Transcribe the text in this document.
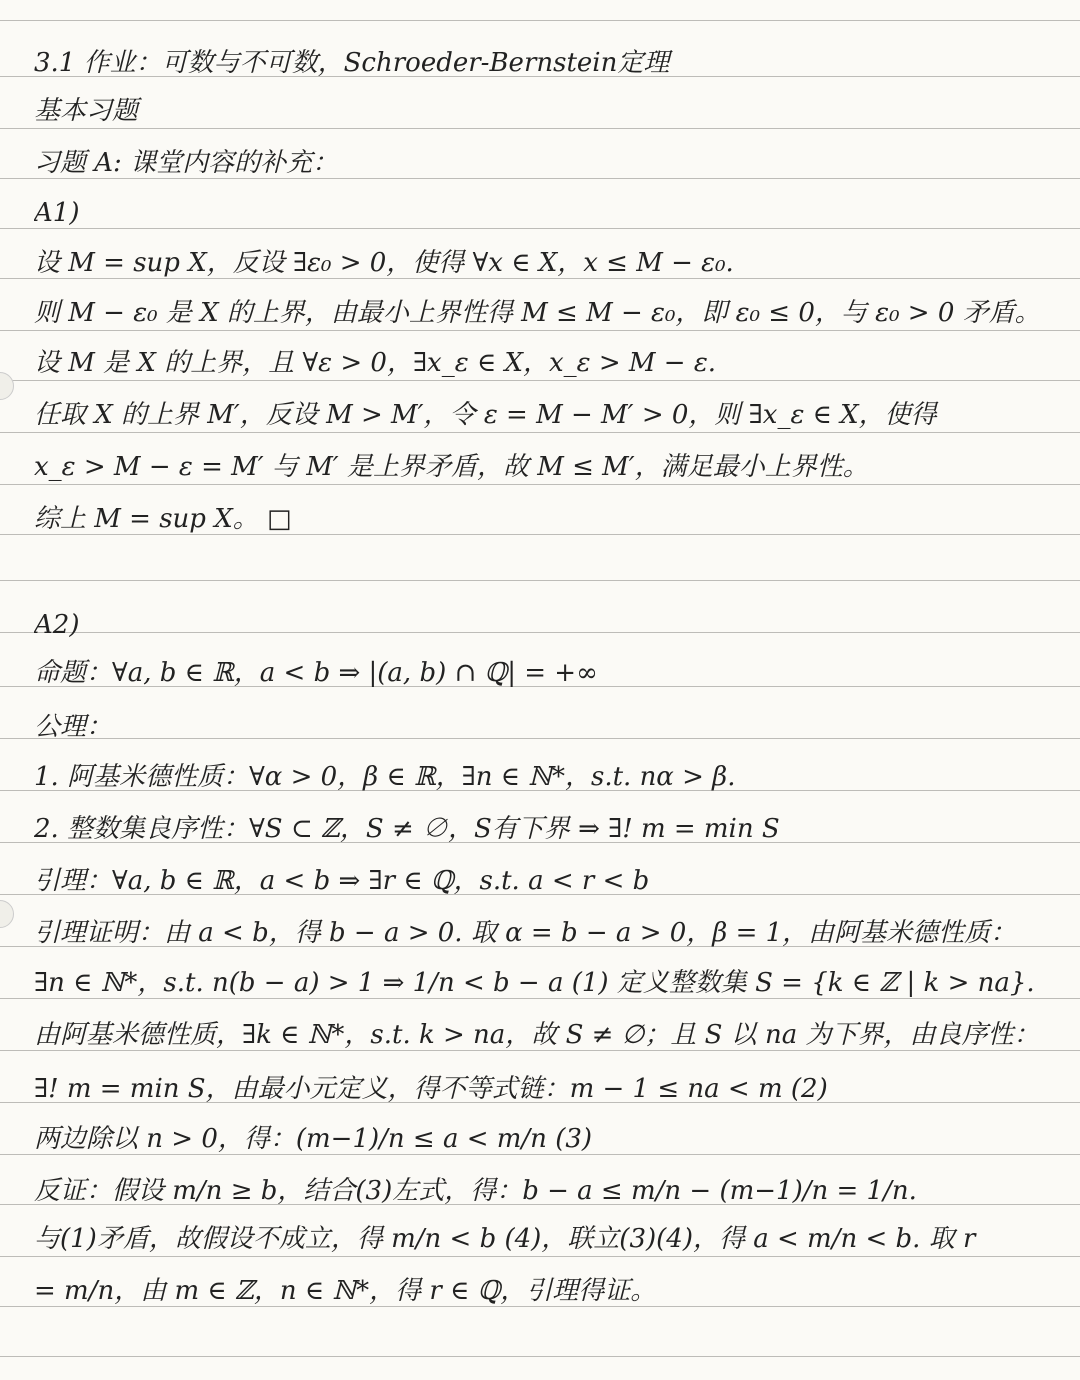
3.1 作业：可数与不可数，Schroeder-Bernstein定理
基本习题
习题 A: 课堂内容的补充：
A1)
设 M = sup X，反设 ∃ε₀ > 0，使得 ∀x ∈ X，x ≤ M − ε₀.
则 M − ε₀ 是 X 的上界，由最小上界性得 M ≤ M − ε₀，即 ε₀ ≤ 0，与 ε₀ > 0 矛盾。
设 M 是 X 的上界，且 ∀ε > 0，∃x_ε ∈ X，x_ε > M − ε.
任取 X 的上界 M′，反设 M > M′，令 ε = M − M′ > 0，则 ∃x_ε ∈ X，使得
x_ε > M − ε = M′ 与 M′ 是上界矛盾，故 M ≤ M′，满足最小上界性。
综上 M = sup X。 □
A2)
命题：∀a, b ∈ ℝ，a < b ⇒ |(a, b) ∩ ℚ| = +∞
公理：
1. 阿基米德性质：∀α > 0，β ∈ ℝ，∃n ∈ ℕ*，s.t. nα > β.
2. 整数集良序性：∀S ⊂ ℤ，S ≠ ∅，S有下界 ⇒ ∃! m = min S
引理：∀a, b ∈ ℝ，a < b ⇒ ∃r ∈ ℚ，s.t. a < r < b
引理证明：由 a < b，得 b − a > 0. 取 α = b − a > 0，β = 1，由阿基米德性质：
∃n ∈ ℕ*，s.t. n(b − a) > 1 ⇒ 1/n < b − a (1) 定义整数集 S = {k ∈ ℤ | k > na}.
由阿基米德性质，∃k ∈ ℕ*，s.t. k > na，故 S ≠ ∅；且 S 以 na 为下界，由良序性：
∃! m = min S，由最小元定义，得不等式链：m − 1 ≤ na < m (2)
两边除以 n > 0，得：(m−1)/n ≤ a < m/n (3)
反证：假设 m/n ≥ b，结合(3)左式，得：b − a ≤ m/n − (m−1)/n = 1/n.
与(1)矛盾，故假设不成立，得 m/n < b (4)，联立(3)(4)，得 a < m/n < b. 取 r
= m/n，由 m ∈ ℤ，n ∈ ℕ*，得 r ∈ ℚ，引理得证。
